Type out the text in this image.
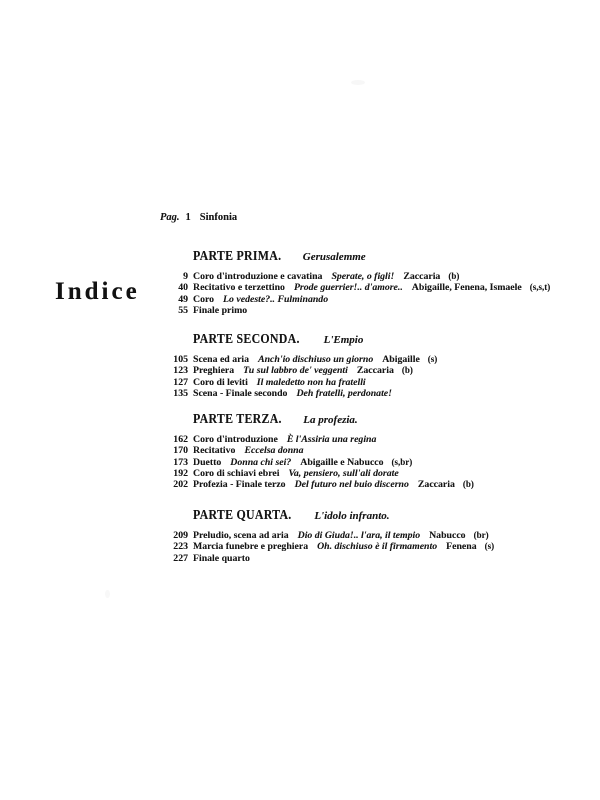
Indice
Pag. 1 Sinfonia
PARTE PRIMA. Gerusalemme
9 Coro d'introduzione e cavatina Sperate, o figli! Zaccaria (b)
40 Recitativo e terzettino Prode guerrier!.. d'amore.. Abigaille, Fenena, Ismaele (s,s,t)
49 Coro Lo vedeste?.. Fulminando
55 Finale primo
PARTE SECONDA. L'Empio
105 Scena ed aria Anch'io dischiuso un giorno Abigaille (s)
123 Preghiera Tu sul labbro de' veggenti Zaccaria (b)
127 Coro di leviti Il maledetto non ha fratelli
135 Scena - Finale secondo Deh fratelli, perdonate!
PARTE TERZA. La profezia.
162 Coro d'introduzione È l'Assiria una regina
170 Recitativo Eccelsa donna
173 Duetto Donna chi sei? Abigaille e Nabucco (s,br)
192 Coro di schiavi ebrei Va, pensiero, sull'ali dorate
202 Profezia - Finale terzo Del futuro nel buio discerno Zaccaria (b)
PARTE QUARTA. L'idolo infranto.
209 Preludio, scena ad aria Dio di Giuda!.. l'ara, il tempio Nabucco (br)
223 Marcia funebre e preghiera Oh. dischiuso è il firmamento Fenena (s)
227 Finale quarto
